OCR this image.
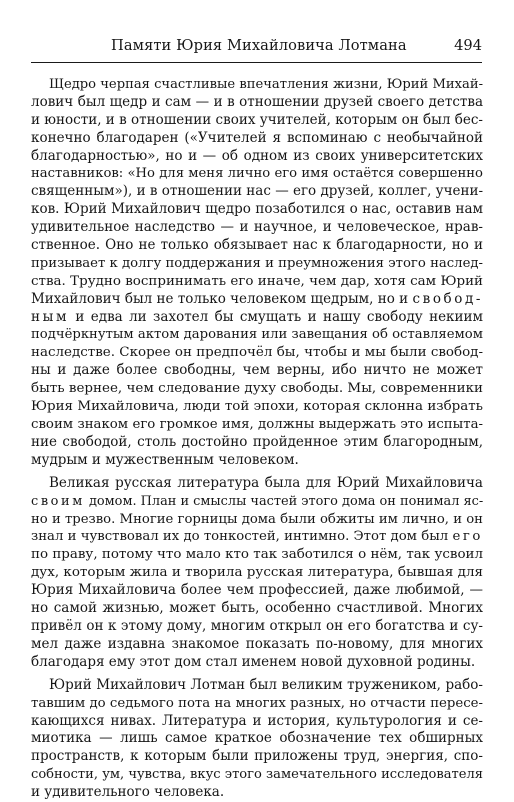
Памяти Юрия Михайловича Лотмана	494
Щедро черпая счастливые впечатления жизни, Юрий Михай-
лович был щедр и сам — и в отношении друзей своего детства
и юности, и в отношении своих учителей, которым он был бес-
конечно благодарен («Учителей я вспоминаю с необычайной
благодарностью», но и — об одном из своих университетских
наставников: «Но для меня лично его имя остаётся совершенно
священным»), и в отношении нас — его друзей, коллег, учени-
ков. Юрий Михайлович щедро позаботился о нас, оставив нам
удивительное наследство — и научное, и человеческое, нрав-
ственное. Оно не только обязывает нас к благодарности, но и
призывает к долгу поддержания и преумножения этого наслед-
ства. Трудно воспринимать его иначе, чем дар, хотя сам Юрий
Михайлович был не только человеком щедрым, но и свобод-
ным и едва ли захотел бы смущать и нашу свободу некиим
подчёркнутым актом дарования или завещания об оставляемом
наследстве. Скорее он предпочёл бы, чтобы и мы были свобод-
ны и даже более свободны, чем верны, ибо ничто не может
быть вернее, чем следование духу свободы. Мы, современники
Юрия Михайловича, люди той эпохи, которая склонна избрать
своим знаком его громкое имя, должны выдержать это испыта-
ние свободой, столь достойно пройденное этим благородным,
мудрым и мужественным человеком.
Великая русская литература была для Юрий Михайловича
своим домом. План и смыслы частей этого дома он понимал яс-
но и трезво. Многие горницы дома были обжиты им лично, и он
знал и чувствовал их до тонкостей, интимно. Этот дом был его
по праву, потому что мало кто так заботился о нём, так усвоил
дух, которым жила и творила русская литература, бывшая для
Юрия Михайловича более чем профессией, даже любимой, —
но самой жизнью, может быть, особенно счастливой. Многих
привёл он к этому дому, многим открыл он его богатства и су-
мел даже издавна знакомое показать по-новому, для многих
благодаря ему этот дом стал именем новой духовной родины.
Юрий Михайлович Лотман был великим тружеником, рабо-
тавшим до седьмого пота на многих разных, но отчасти пересе-
кающихся нивах. Литература и история, культурология и се-
миотика — лишь самое краткое обозначение тех обширных
пространств, к которым были приложены труд, энергия, спо-
собности, ум, чувства, вкус этого замечательного исследователя
и удивительного человека.
